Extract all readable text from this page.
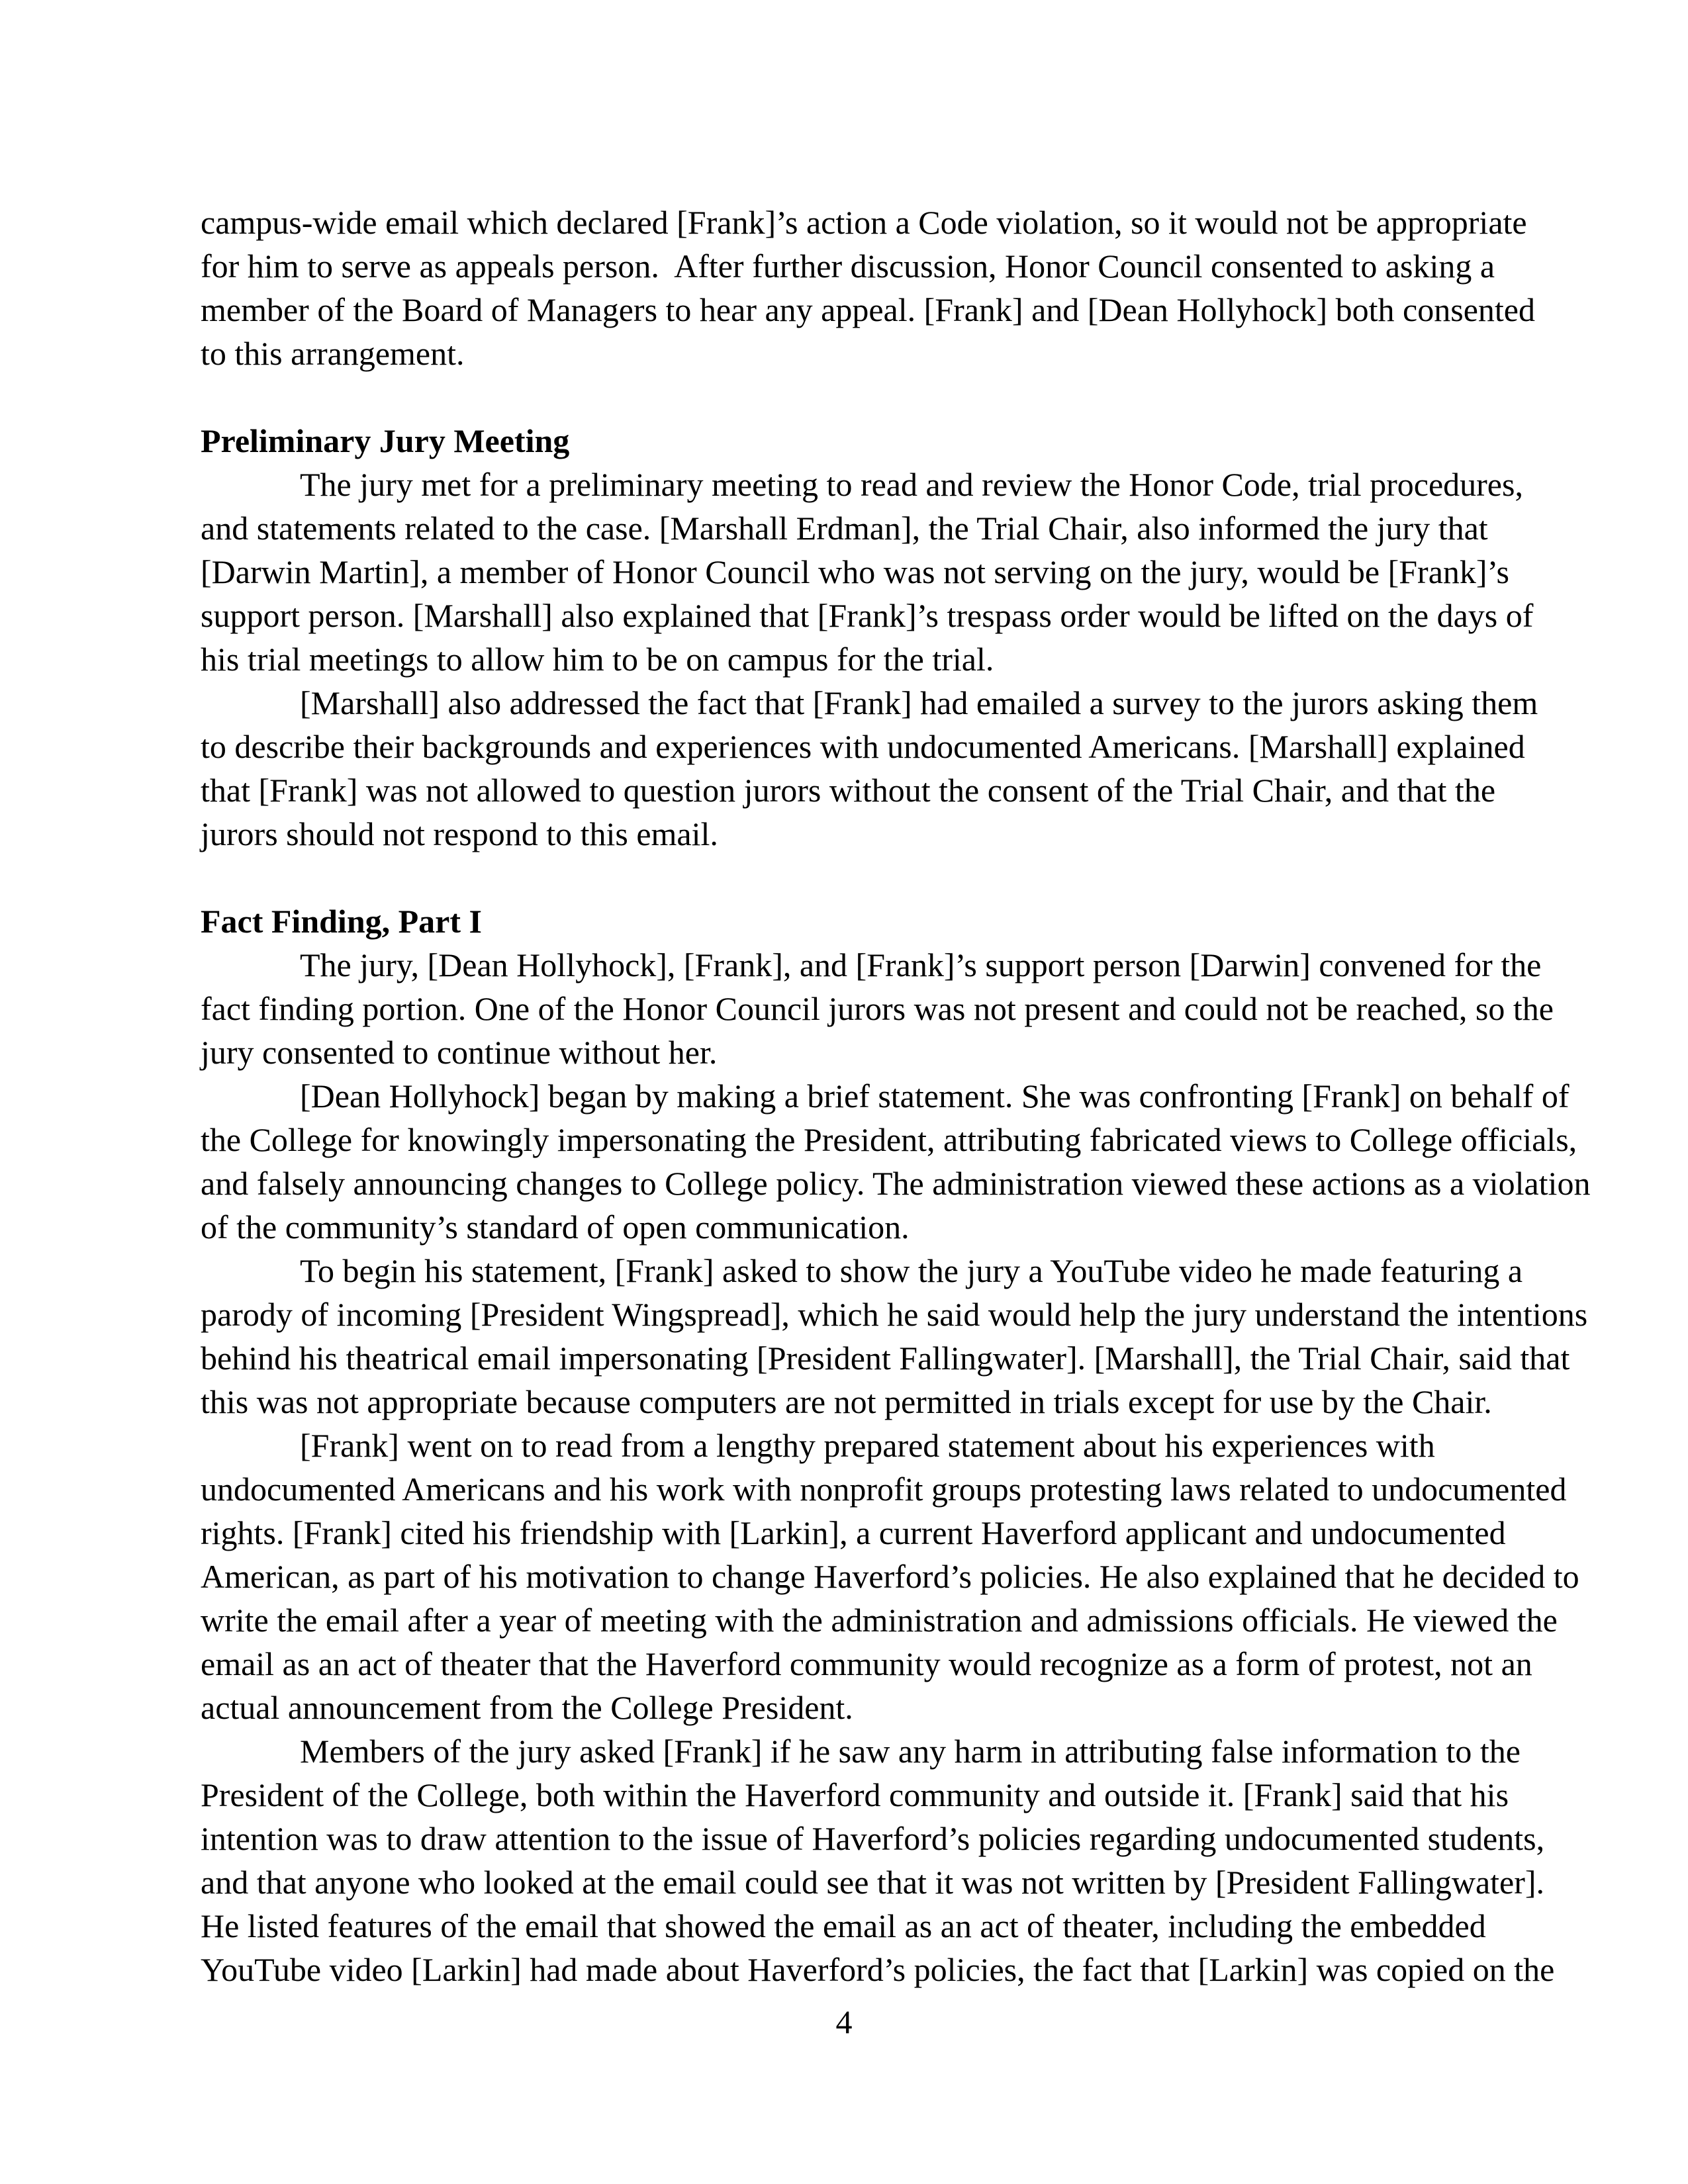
campus-wide email which declared [Frank]’s action a Code violation, so it would not be appropriate
for him to serve as appeals person.  After further discussion, Honor Council consented to asking a
member of the Board of Managers to hear any appeal. [Frank] and [Dean Hollyhock] both consented
to this arrangement.
Preliminary Jury Meeting
The jury met for a preliminary meeting to read and review the Honor Code, trial procedures,
and statements related to the case. [Marshall Erdman], the Trial Chair, also informed the jury that
[Darwin Martin], a member of Honor Council who was not serving on the jury, would be [Frank]’s
support person. [Marshall] also explained that [Frank]’s trespass order would be lifted on the days of
his trial meetings to allow him to be on campus for the trial.
[Marshall] also addressed the fact that [Frank] had emailed a survey to the jurors asking them
to describe their backgrounds and experiences with undocumented Americans. [Marshall] explained
that [Frank] was not allowed to question jurors without the consent of the Trial Chair, and that the
jurors should not respond to this email.
Fact Finding, Part I
The jury, [Dean Hollyhock], [Frank], and [Frank]’s support person [Darwin] convened for the
fact finding portion. One of the Honor Council jurors was not present and could not be reached, so the
jury consented to continue without her.
[Dean Hollyhock] began by making a brief statement. She was confronting [Frank] on behalf of
the College for knowingly impersonating the President, attributing fabricated views to College officials,
and falsely announcing changes to College policy. The administration viewed these actions as a violation
of the community’s standard of open communication.
To begin his statement, [Frank] asked to show the jury a YouTube video he made featuring a
parody of incoming [President Wingspread], which he said would help the jury understand the intentions
behind his theatrical email impersonating [President Fallingwater]. [Marshall], the Trial Chair, said that
this was not appropriate because computers are not permitted in trials except for use by the Chair.
[Frank] went on to read from a lengthy prepared statement about his experiences with
undocumented Americans and his work with nonprofit groups protesting laws related to undocumented
rights. [Frank] cited his friendship with [Larkin], a current Haverford applicant and undocumented
American, as part of his motivation to change Haverford’s policies. He also explained that he decided to
write the email after a year of meeting with the administration and admissions officials. He viewed the
email as an act of theater that the Haverford community would recognize as a form of protest, not an
actual announcement from the College President.
Members of the jury asked [Frank] if he saw any harm in attributing false information to the
President of the College, both within the Haverford community and outside it. [Frank] said that his
intention was to draw attention to the issue of Haverford’s policies regarding undocumented students,
and that anyone who looked at the email could see that it was not written by [President Fallingwater].
He listed features of the email that showed the email as an act of theater, including the embedded
YouTube video [Larkin] had made about Haverford’s policies, the fact that [Larkin] was copied on the
4
